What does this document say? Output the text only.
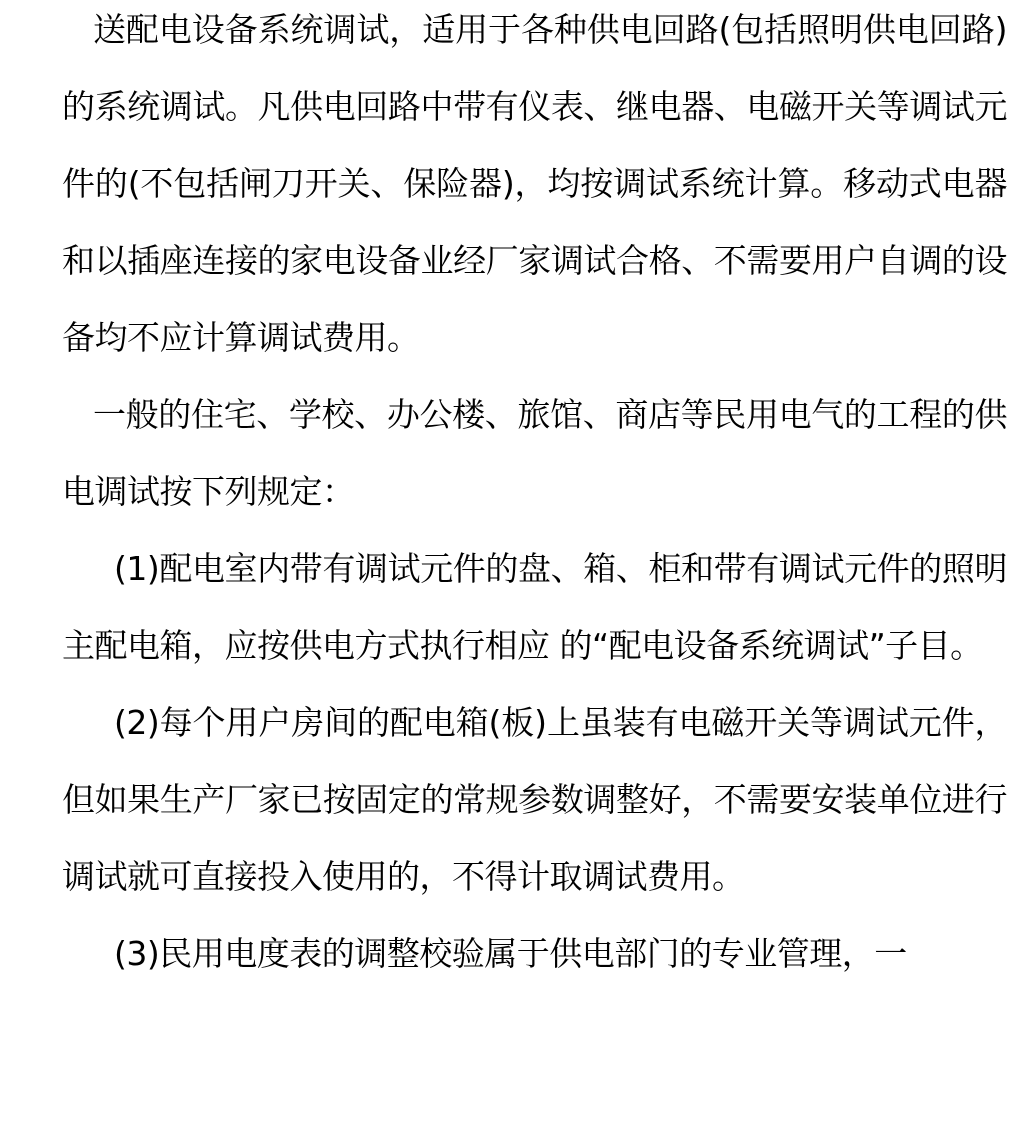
送配电设备系统调试，适用于各种供电回路(包括照明供电回路)的系统调试。凡供电回路中带有仪表、继电器、电磁开关等调试元件的(不包括闸刀开关、保险器)，均按调试系统计算。移动式电器和以插座连接的家电设备业经厂家调试合格、不需要用户自调的设备均不应计算调试费用。

一般的住宅、学校、办公楼、旅馆、商店等民用电气的工程的供电调试按下列规定：

(1)配电室内带有调试元件的盘、箱、柜和带有调试元件的照明主配电箱，应按供电方式执行相应 的“配电设备系统调试”子目。

(2)每个用户房间的配电箱(板)上虽装有电磁开关等调试元件，但如果生产厂家已按固定的常规参数调整好，不需要安装单位进行调试就可直接投入使用的，不得计取调试费用。

(3)民用电度表的调整校验属于供电部门的专业管理，一
